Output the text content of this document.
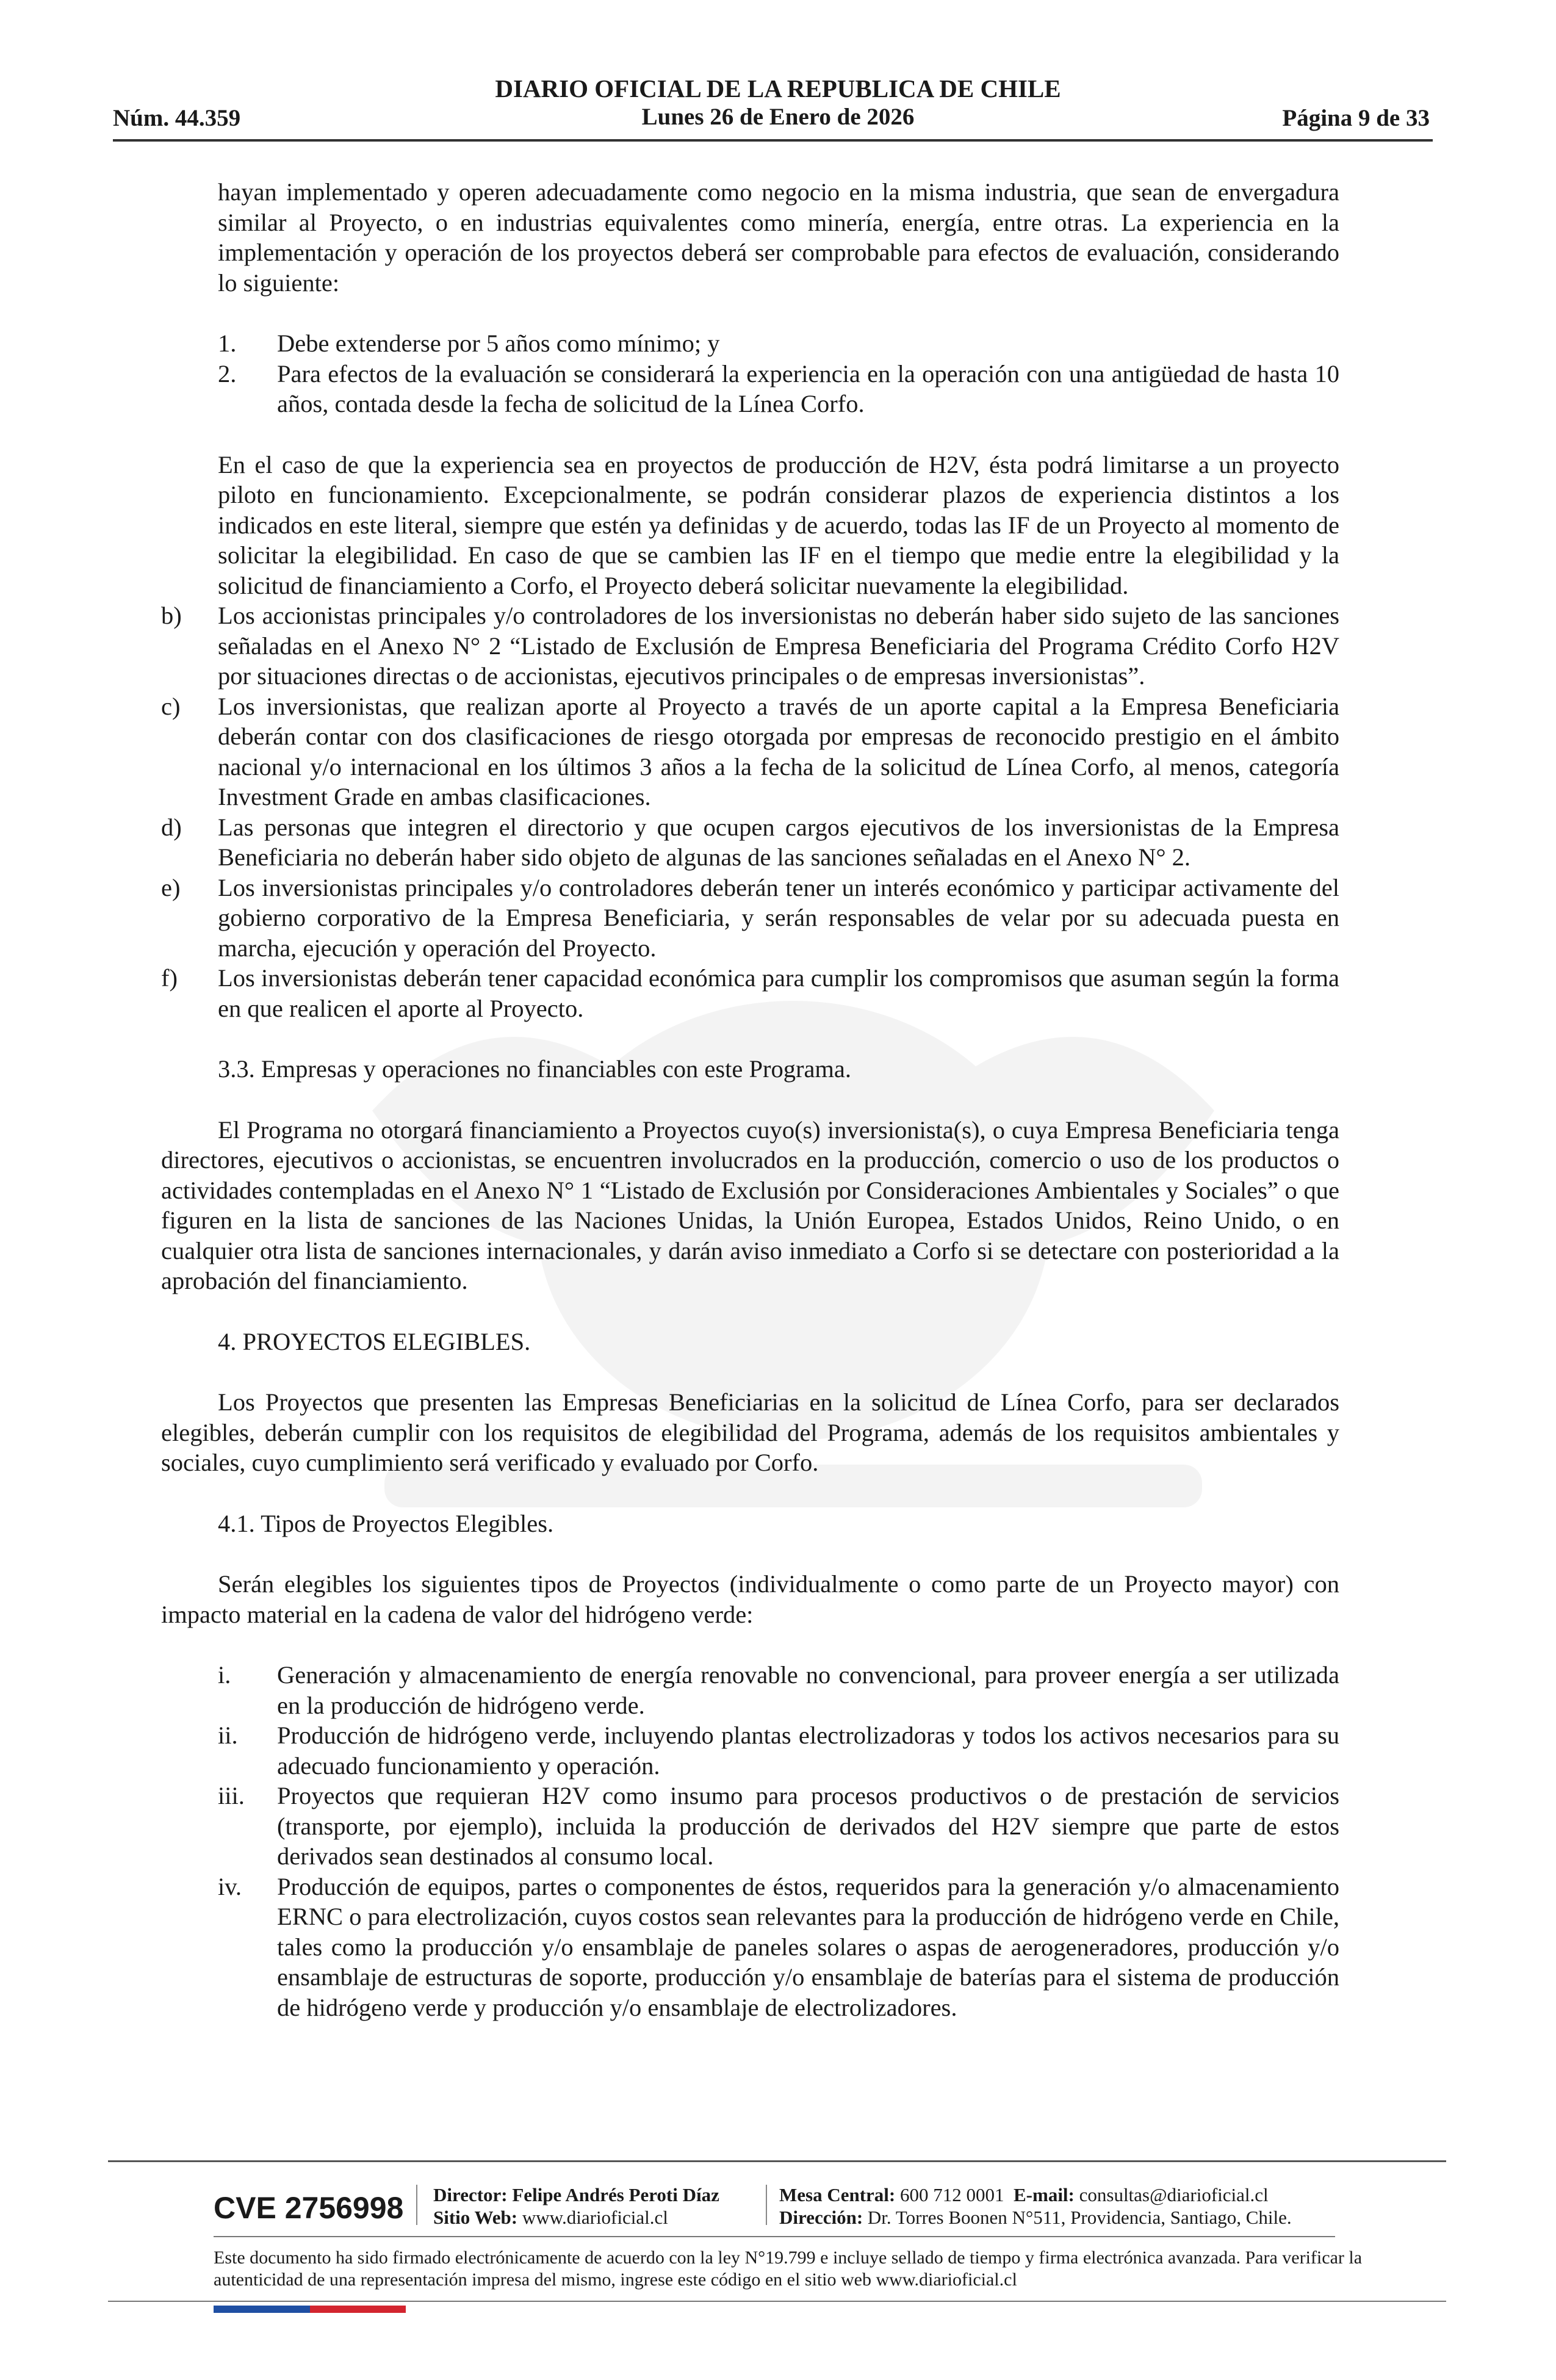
DIARIO OFICIAL DE LA REPUBLICA DE CHILE
Núm. 44.359	Lunes 26 de Enero de 2026	Página 9 de 33

hayan implementado y operen adecuadamente como negocio en la misma industria, que sean de envergadura similar al Proyecto, o en industrias equivalentes como minería, energía, entre otras. La experiencia en la implementación y operación de los proyectos deberá ser comprobable para efectos de evaluación, considerando lo siguiente:

1. Debe extenderse por 5 años como mínimo; y

2. Para efectos de la evaluación se considerará la experiencia en la operación con una antigüedad de hasta 10 años, contada desde la fecha de solicitud de la Línea Corfo.

En el caso de que la experiencia sea en proyectos de producción de H2V, ésta podrá limitarse a un proyecto piloto en funcionamiento. Excepcionalmente, se podrán considerar plazos de experiencia distintos a los indicados en este literal, siempre que estén ya definidas y de acuerdo, todas las IF de un Proyecto al momento de solicitar la elegibilidad. En caso de que se cambien las IF en el tiempo que medie entre la elegibilidad y la solicitud de financiamiento a Corfo, el Proyecto deberá solicitar nuevamente la elegibilidad.

b) Los accionistas principales y/o controladores de los inversionistas no deberán haber sido sujeto de las sanciones señaladas en el Anexo N° 2 “Listado de Exclusión de Empresa Beneficiaria del Programa Crédito Corfo H2V por situaciones directas o de accionistas, ejecutivos principales o de empresas inversionistas”.

c) Los inversionistas, que realizan aporte al Proyecto a través de un aporte capital a la Empresa Beneficiaria deberán contar con dos clasificaciones de riesgo otorgada por empresas de reconocido prestigio en el ámbito nacional y/o internacional en los últimos 3 años a la fecha de la solicitud de Línea Corfo, al menos, categoría Investment Grade en ambas clasificaciones.

d) Las personas que integren el directorio y que ocupen cargos ejecutivos de los inversionistas de la Empresa Beneficiaria no deberán haber sido objeto de algunas de las sanciones señaladas en el Anexo N° 2.

e) Los inversionistas principales y/o controladores deberán tener un interés económico y participar activamente del gobierno corporativo de la Empresa Beneficiaria, y serán responsables de velar por su adecuada puesta en marcha, ejecución y operación del Proyecto.

f) Los inversionistas deberán tener capacidad económica para cumplir los compromisos que asuman según la forma en que realicen el aporte al Proyecto.

3.3. Empresas y operaciones no financiables con este Programa.

El Programa no otorgará financiamiento a Proyectos cuyo(s) inversionista(s), o cuya Empresa Beneficiaria tenga directores, ejecutivos o accionistas, se encuentren involucrados en la producción, comercio o uso de los productos o actividades contempladas en el Anexo N° 1 “Listado de Exclusión por Consideraciones Ambientales y Sociales” o que figuren en la lista de sanciones de las Naciones Unidas, la Unión Europea, Estados Unidos, Reino Unido, o en cualquier otra lista de sanciones internacionales, y darán aviso inmediato a Corfo si se detectare con posterioridad a la aprobación del financiamiento.

4. PROYECTOS ELEGIBLES.

Los Proyectos que presenten las Empresas Beneficiarias en la solicitud de Línea Corfo, para ser declarados elegibles, deberán cumplir con los requisitos de elegibilidad del Programa, además de los requisitos ambientales y sociales, cuyo cumplimiento será verificado y evaluado por Corfo.

4.1. Tipos de Proyectos Elegibles.

Serán elegibles los siguientes tipos de Proyectos (individualmente o como parte de un Proyecto mayor) con impacto material en la cadena de valor del hidrógeno verde:

i. Generación y almacenamiento de energía renovable no convencional, para proveer energía a ser utilizada en la producción de hidrógeno verde.

ii. Producción de hidrógeno verde, incluyendo plantas electrolizadoras y todos los activos necesarios para su adecuado funcionamiento y operación.

iii. Proyectos que requieran H2V como insumo para procesos productivos o de prestación de servicios (transporte, por ejemplo), incluida la producción de derivados del H2V siempre que parte de estos derivados sean destinados al consumo local.

iv. Producción de equipos, partes o componentes de éstos, requeridos para la generación y/o almacenamiento ERNC o para electrolización, cuyos costos sean relevantes para la producción de hidrógeno verde en Chile, tales como la producción y/o ensamblaje de paneles solares o aspas de aerogeneradores, producción y/o ensamblaje de estructuras de soporte, producción y/o ensamblaje de baterías para el sistema de producción de hidrógeno verde y producción y/o ensamblaje de electrolizadores.

CVE 2756998 Director: Felipe Andrés Peroti Díaz
Sitio Web: www.diarioficial.cl
Mesa Central: 600 712 0001 E-mail: consultas@diarioficial.cl
Dirección: Dr. Torres Boonen N°511, Providencia, Santiago, Chile.
Este documento ha sido firmado electrónicamente de acuerdo con la ley N°19.799 e incluye sellado de tiempo y firma electrónica avanzada. Para verificar la autenticidad de una representación impresa del mismo, ingrese este código en el sitio web www.diarioficial.cl
